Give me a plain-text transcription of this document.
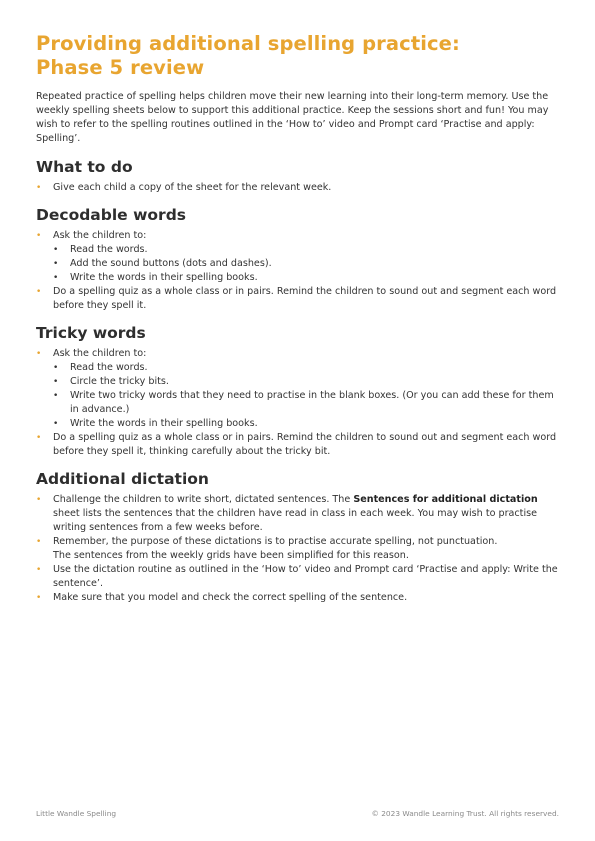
Providing additional spelling practice:
Phase 5 review

Repeated practice of spelling helps children move their new learning into their long-term memory. Use the weekly spelling sheets below to support this additional practice. Keep the sessions short and fun! You may wish to refer to the spelling routines outlined in the ‘How to’ video and Prompt card ‘Practise and apply: Spelling’.

What to do
• Give each child a copy of the sheet for the relevant week.
Decodable words
• Ask the children to:
• Read the words.
• Add the sound buttons (dots and dashes).
• Write the words in their spelling books.
• Do a spelling quiz as a whole class or in pairs. Remind the children to sound out and segment each word before they spell it.
Tricky words
• Ask the children to:
• Read the words.
• Circle the tricky bits.
• Write two tricky words that they need to practise in the blank boxes. (Or you can add these for them in advance.)
• Write the words in their spelling books.
• Do a spelling quiz as a whole class or in pairs. Remind the children to sound out and segment each word before they spell it, thinking carefully about the tricky bit.
Additional dictation
• Challenge the children to write short, dictated sentences. The Sentences for additional dictation sheet lists the sentences that the children have read in class in each week. You may wish to practise writing sentences from a few weeks before.
• Remember, the purpose of these dictations is to practise accurate spelling, not punctuation.
The sentences from the weekly grids have been simplified for this reason.
• Use the dictation routine as outlined in the ‘How to’ video and Prompt card ‘Practise and apply: Write the sentence’.
• Make sure that you model and check the correct spelling of the sentence.
Little Wandle Spelling	© 2023 Wandle Learning Trust. All rights reserved.
